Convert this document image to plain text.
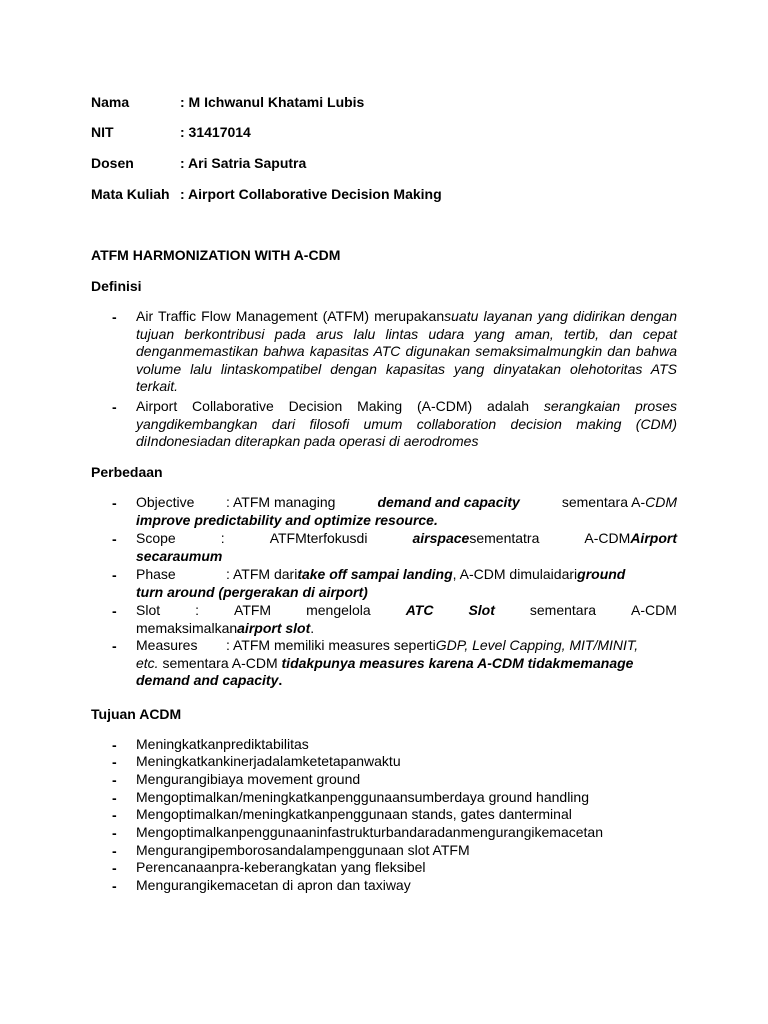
Nama	: M Ichwanul Khatami Lubis
NIT	: 31417014
Dosen	: Ari Satria Saputra
Mata Kuliah : Airport Collaborative Decision Making
ATFM HARMONIZATION WITH A-CDM
Definisi
- Air Traffic Flow Management (ATFM) merupakansuatu layanan yang didirikan dengan tujuan berkontribusi pada arus lalu lintas udara yang aman, tertib, dan cepat denganmemastikan bahwa kapasitas ATC digunakan semaksimalmungkin dan bahwa volume lalu lintaskompatibel dengan kapasitas yang dinyatakan olehotoritas ATS terkait.
- Airport Collaborative Decision Making (A-CDM) adalah serangkaian proses yangdikembangkan dari filosofi umum collaboration decision making (CDM) diIndonesiadan diterapkan pada operasi di aerodromes
Perbedaan
- Objective : ATFM managing	demand and capacity	sementara A-CDM
improve predictability and optimize resource.
- Scope	:	ATFMterfokusdi	airspacesementatra	A-CDMAirport
secaraumum
- Phase	: ATFM daritake off sampai landing, A-CDM dimulaidariground
turn around (pergerakan di airport)
- Slot	:	ATFM	mengelola	ATC	Slot	sementara	A-CDM
memaksimalkanairport slot.
- Measures : ATFM memiliki measures sepertiGDP, Level Capping, MIT/MINIT,
etc. sementara A-CDM tidakpunya measures karena A-CDM tidakmemanage
demand and capacity.
Tujuan ACDM
- Meningkatkanprediktabilitas
- Meningkatkankinerjadalamketetapanwaktu
- Mengurangibiaya movement ground
- Mengoptimalkan/meningkatkanpenggunaansumberdaya ground handling
- Mengoptimalkan/meningkatkanpenggunaan stands, gates danterminal
- Mengoptimalkanpenggunaaninfastrukturbandaradanmengurangikemacetan
- Mengurangipemborosandalampenggunaan slot ATFM
- Perencanaanpra-keberangkatan yang fleksibel
- Mengurangikemacetan di apron dan taxiway
